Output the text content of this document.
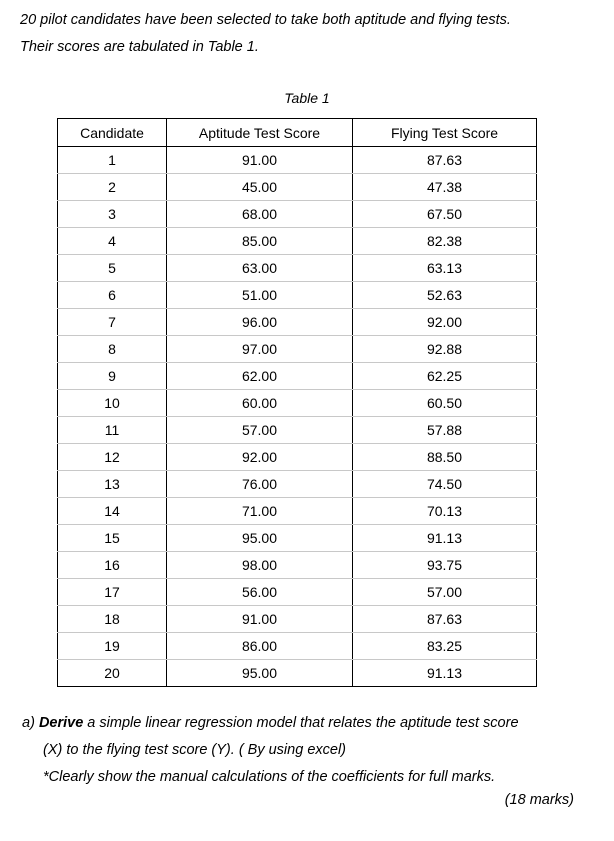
20 pilot candidates have been selected to take both aptitude and flying tests.

Their scores are tabulated in Table 1.

Table 1
Candidate	Aptitude Test Score	Flying Test Score
1	91.00	87.63
2	45.00	47.38
3	68.00	67.50
4	85.00	82.38
5	63.00	63.13
6	51.00	52.63
7	96.00	92.00
8	97.00	92.88
9	62.00	62.25
10	60.00	60.50
11	57.00	57.88
12	92.00	88.50
13	76.00	74.50
14	71.00	70.13
15	95.00	91.13
16	98.00	93.75
17	56.00	57.00
18	91.00	87.63
19	86.00	83.25
20	95.00	91.13

a) Derive a simple linear regression model that relates the aptitude test score

(X) to the flying test score (Y). ( By using excel)

*Clearly show the manual calculations of the coefficients for full marks.

(18 marks)
